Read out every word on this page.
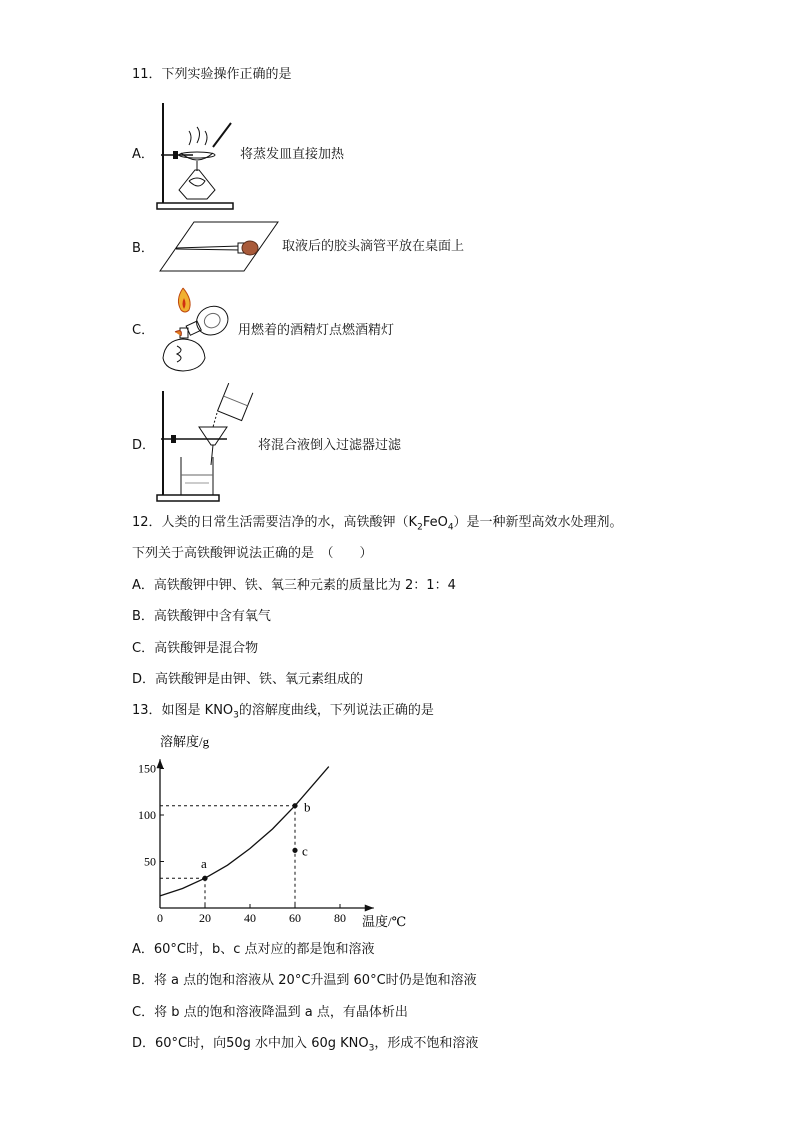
11．下列实验操作正确的是
A．	将蒸发皿直接加热
B．	取液后的胶头滴管平放在桌面上
C．	用燃着的酒精灯点燃酒精灯
D．	将混合液倒入过滤器过滤
12．人类的日常生活需要洁净的水，高铁酸钾$(K_2FeO_4)$是一种新型高效水处理剂。
下列关于高铁酸钾说法正确的是　（　　）
A．高铁酸钾中钾、铁、氧三种元素的质量比为 2：1：4
B．高铁酸钾中含有氧气
C．高铁酸钾是混合物
D．高铁酸钾是由钾、铁、氧元素组成的
13．如图是 $KNO_3$的溶解度曲线，下列说法正确的是
溶解度/g
温度/℃
0	20	40	60	80
50
100
150
a
b
c
A．60°C时，b、c 点对应的都是饱和溶液
B．将 a 点的饱和溶液从 20°C升温到 60°C时仍是饱和溶液
C．将 b 点的饱和溶液降温到 a 点，有晶体析出
D．60°C时，向50g 水中加入 60g $KNO_3$，形成不饱和溶液
